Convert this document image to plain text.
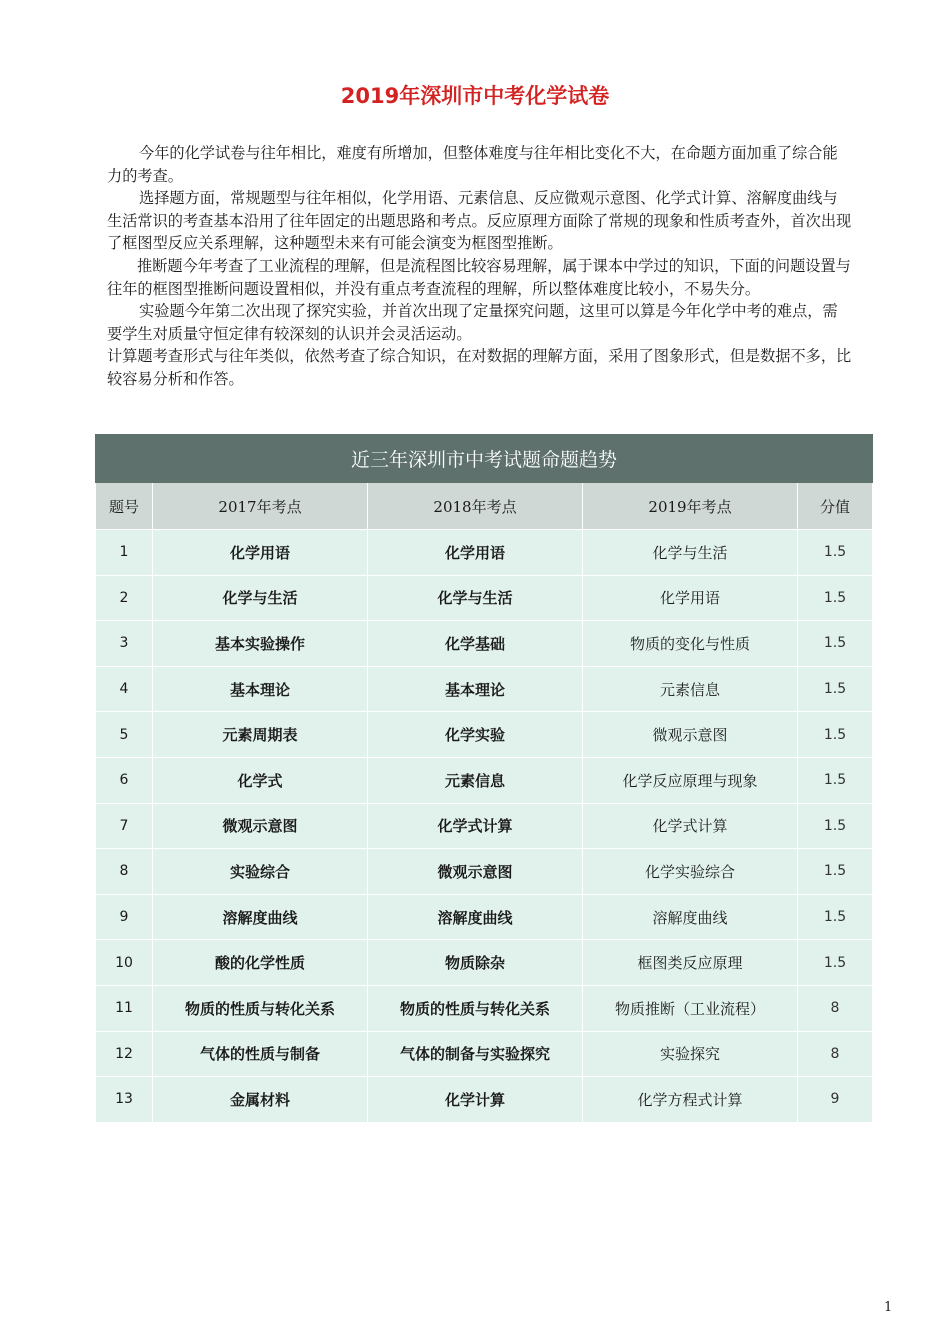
2019年深圳市中考化学试卷

今年的化学试卷与往年相比，难度有所增加，但整体难度与往年相比变化不大，在命题方面加重了综合能力的考查。

选择题方面，常规题型与往年相似，化学用语、元素信息、反应微观示意图、化学式计算、溶解度曲线与生活常识的考查基本沿用了往年固定的出题思路和考点。反应原理方面除了常规的现象和性质考查外，首次出现了框图型反应关系理解，这种题型未来有可能会演变为框图型推断。

推断题今年考查了工业流程的理解，但是流程图比较容易理解，属于课本中学过的知识，下面的问题设置与往年的框图型推断问题设置相似，并没有重点考查流程的理解，所以整体难度比较小，不易失分。

实验题今年第二次出现了探究实验，并首次出现了定量探究问题，这里可以算是今年化学中考的难点，需要学生对质量守恒定律有较深刻的认识并会灵活运动。

计算题考查形式与往年类似，依然考查了综合知识，在对数据的理解方面，采用了图象形式，但是数据不多，比较容易分析和作答。

近三年深圳市中考试题命题趋势				
题号	2017年考点	2018年考点	2019年考点	分值
1	化学用语	化学用语	化学与生活	1.5
2	化学与生活	化学与生活	化学用语	1.5
3	基本实验操作	化学基础	物质的变化与性质	1.5
4	基本理论	基本理论	元素信息	1.5
5	元素周期表	化学实验	微观示意图	1.5
6	化学式	元素信息	化学反应原理与现象	1.5
7	微观示意图	化学式计算	化学式计算	1.5
8	实验综合	微观示意图	化学实验综合	1.5
9	溶解度曲线	溶解度曲线	溶解度曲线	1.5
10	酸的化学性质	物质除杂	框图类反应原理	1.5
11	物质的性质与转化关系	物质的性质与转化关系	物质推断（工业流程）	8
12	气体的性质与制备	气体的制备与实验探究	实验探究	8
13	金属材料	化学计算	化学方程式计算	9
1
